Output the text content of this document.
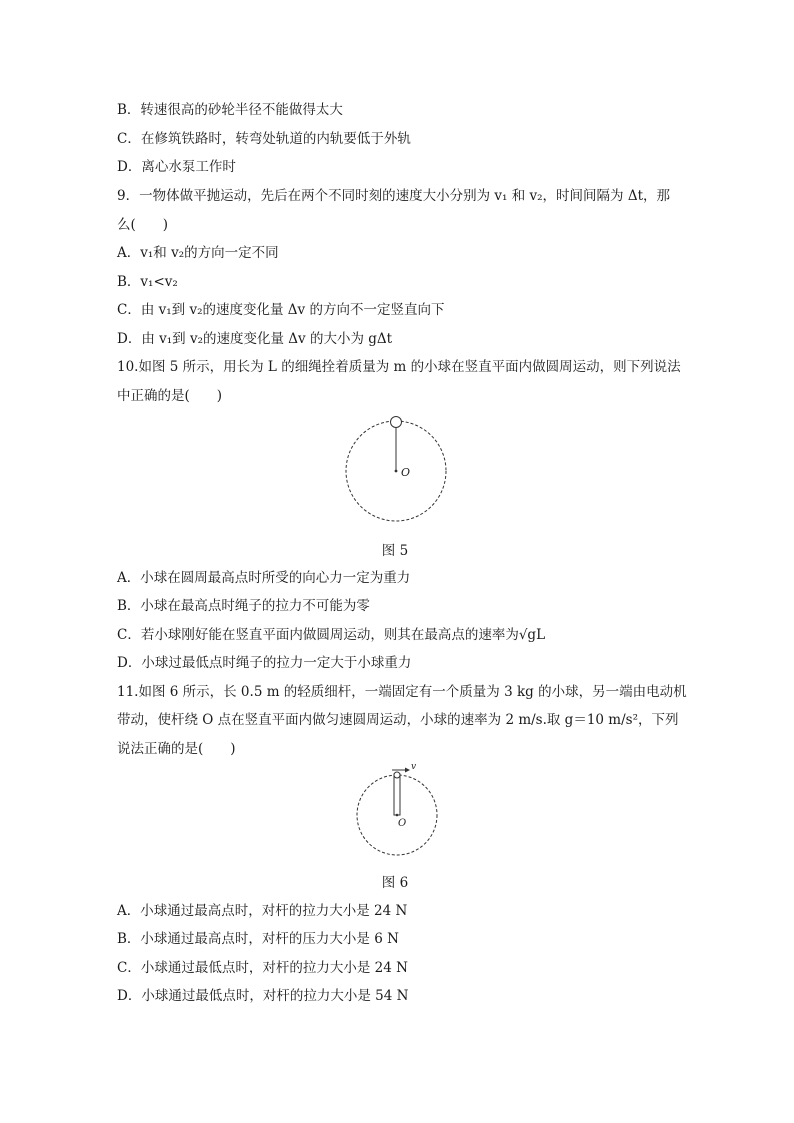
B．转速很高的砂轮半径不能做得太大
C．在修筑铁路时，转弯处轨道的内轨要低于外轨
D．离心水泵工作时
9．一物体做平抛运动，先后在两个不同时刻的速度大小分别为 v₁ 和 v₂，时间间隔为 Δt，那
么(　　)
A．v₁和 v₂的方向一定不同
B．v₁<v₂
C．由 v₁到 v₂的速度变化量 Δv 的方向不一定竖直向下
D．由 v₁到 v₂的速度变化量 Δv 的大小为 gΔt
10.如图 5 所示，用长为 L 的细绳拴着质量为 m 的小球在竖直平面内做圆周运动，则下列说法
中正确的是(　　)
O
图 5
A．小球在圆周最高点时所受的向心力一定为重力
B．小球在最高点时绳子的拉力不可能为零
C．若小球刚好能在竖直平面内做圆周运动，则其在最高点的速率为√gL
D．小球过最低点时绳子的拉力一定大于小球重力
11.如图 6 所示，长 0.5 m 的轻质细杆，一端固定有一个质量为 3 kg 的小球，另一端由电动机
带动，使杆绕 O 点在竖直平面内做匀速圆周运动，小球的速率为 2 m/s.取 g＝10 m/s²，下列
说法正确的是(　　)
v
O
图 6
A．小球通过最高点时，对杆的拉力大小是 24 N
B．小球通过最高点时，对杆的压力大小是 6 N
C．小球通过最低点时，对杆的拉力大小是 24 N
D．小球通过最低点时，对杆的拉力大小是 54 N
